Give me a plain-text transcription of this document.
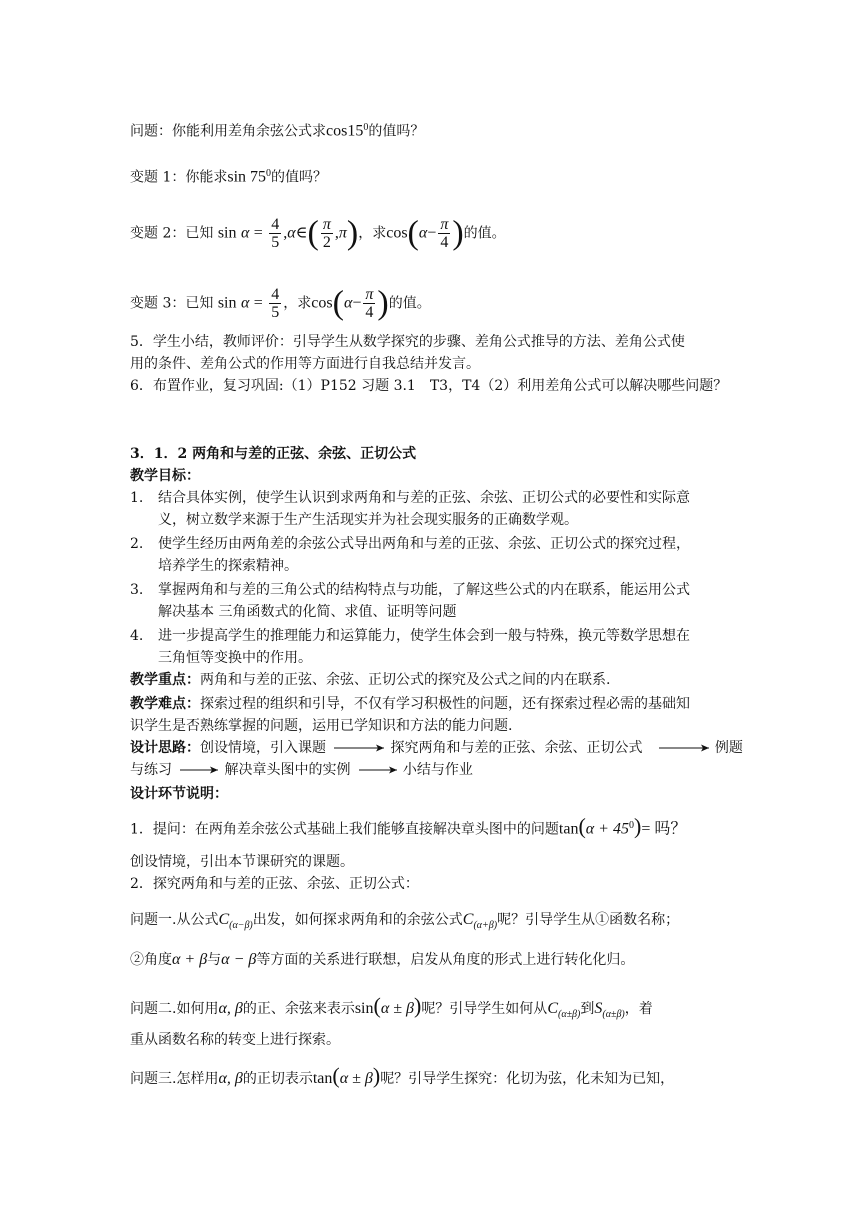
问题：你能利用差角余弦公式求$\cos 15^0$的值吗？
变题 1：你能求$\sin 75^0$的值吗？
变题 2：已知 $\sin \alpha = \frac{4}{5}$ ,α∈( $\frac{\pi}{2} ,\pi$)，求$\cos(\alpha- \frac{\pi}{4}$ )的值。
变题 3：已知 $\sin \alpha = \frac{4}{5}$ ，求$\cos(\alpha- \frac{\pi}{4}$ )的值。
5．学生小结，教师评价：引导学生从数学探究的步骤、差角公式推导的方法、差角公式使
用的条件、差角公式的作用等方面进行自我总结并发言。
6．布置作业，复习巩固:（1）P152 习题 3.1　T3，T4（2）利用差角公式可以解决哪些问题？
3．1．2 两角和与差的正弦、余弦、正切公式
教学目标：
1. 结合具体实例，使学生认识到求两角和与差的正弦、余弦、正切公式的必要性和实际意
义，树立数学来源于生产生活现实并为社会现实服务的正确数学观。
2. 使学生经历由两角差的余弦公式导出两角和与差的正弦、余弦、正切公式的探究过程，
培养学生的探索精神。
3. 掌握两角和与差的三角公式的结构特点与功能，了解这些公式的内在联系，能运用公式
解决基本 三角函数式的化简、求值、证明等问题
4. 进一步提高学生的推理能力和运算能力，使学生体会到一般与特殊，换元等数学思想在
三角恒等变换中的作用。
教学重点：两角和与差的正弦、余弦、正切公式的探究及公式之间的内在联系.
教学难点：探索过程的组织和引导，不仅有学习积极性的问题，还有探索过程必需的基础知
识学生是否熟练掌握的问题，运用已学知识和方法的能力问题.
设计思路：创设情境，引入课题	探究两角和与差的正弦、余弦、正切公式	例题
与练习	解决章头图中的实例	小结与作业
设计环节说明：
1．提问：在两角差余弦公式基础上我们能够直接解决章头图中的问题$\tan(\alpha + 45^0)=$ 吗？
创设情境，引出本节课研究的课题。
2．探究两角和与差的正弦、余弦、正切公式：
问题一.从公式$C_{(\alpha-\beta)}$出发，如何探求两角和的余弦公式$C_{(\alpha+\beta)}$呢？引导学生从①函数名称；
②角度α + β与α − β等方面的关系进行联想，启发从角度的形式上进行转化化归。
问题二.如何用α, β的正、余弦来表示sin(α ± β)呢？引导学生如何从$C_{(\alpha\pm\beta)}$到$S_{(\alpha\pm\beta)}$，着
重从函数名称的转变上进行探索。
问题三.怎样用α, β的正切表示tan(α ± β)呢？引导学生探究：化切为弦，化未知为已知，
